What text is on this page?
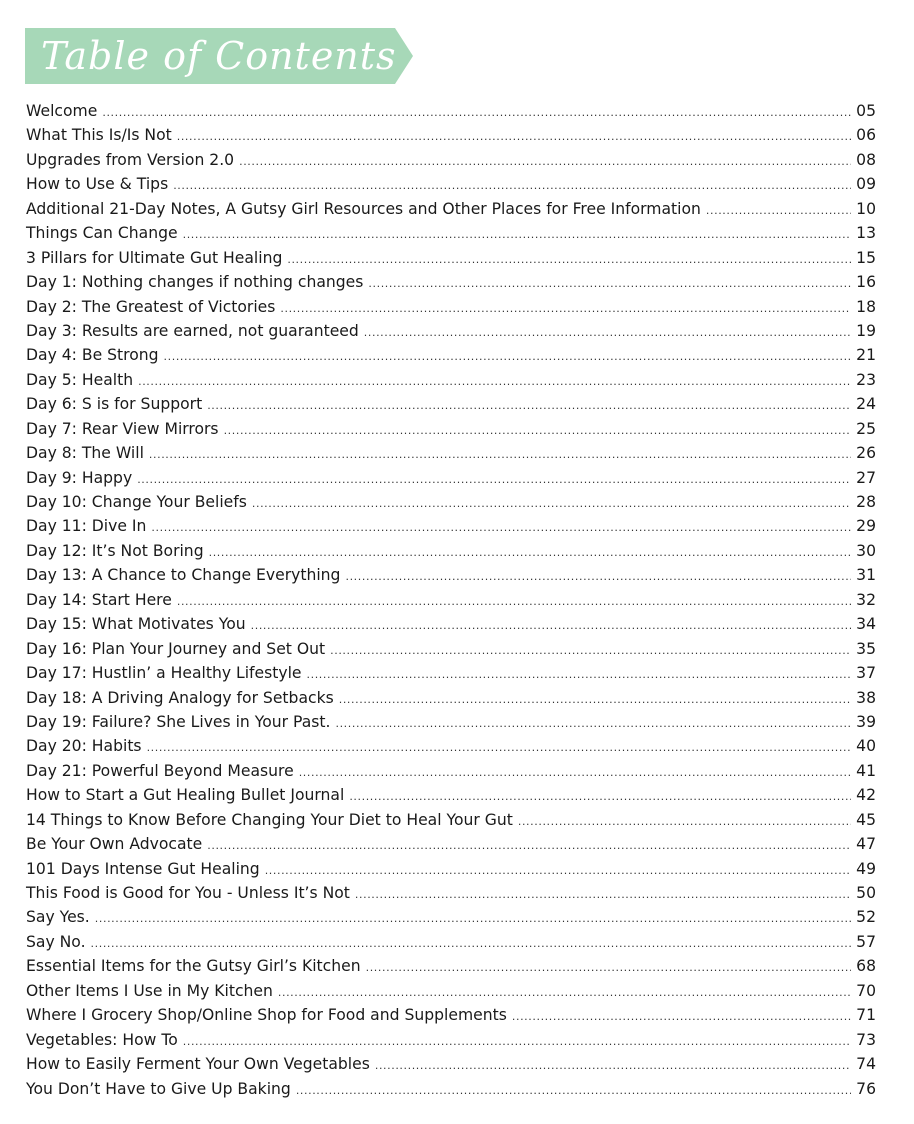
Table of Contents
Welcome .....	05
What This Is/Is Not .....	06
Upgrades from Version 2.0 .....	08
How to Use & Tips .....	09
Additional 21-Day Notes, A Gutsy Girl Resources and Other Places for Free Information .....	10
Things Can Change .....	13
3 Pillars for Ultimate Gut Healing .....	15
Day 1: Nothing changes if nothing changes .....	16
Day 2: The Greatest of Victories .....	18
Day 3: Results are earned, not guaranteed .....	19
Day 4: Be Strong .....	21
Day 5: Health .....	23
Day 6: S is for Support .....	24
Day 7: Rear View Mirrors .....	25
Day 8: The Will .....	26
Day 9: Happy .....	27
Day 10: Change Your Beliefs .....	28
Day 11: Dive In .....	29
Day 12: It’s Not Boring .....	30
Day 13: A Chance to Change Everything .....	31
Day 14: Start Here .....	32
Day 15: What Motivates You .....	34
Day 16: Plan Your Journey and Set Out .....	35
Day 17: Hustlin’ a Healthy Lifestyle .....	37
Day 18: A Driving Analogy for Setbacks .....	38
Day 19: Failure? She Lives in Your Past. .....	39
Day 20: Habits .....	40
Day 21: Powerful Beyond Measure .....	41
How to Start a Gut Healing Bullet Journal .....	42
14 Things to Know Before Changing Your Diet to Heal Your Gut .....	45
Be Your Own Advocate .....	47
101 Days Intense Gut Healing .....	49
This Food is Good for You - Unless It’s Not .....	50
Say Yes. .....	52
Say No. .....	57
Essential Items for the Gutsy Girl’s Kitchen .....	68
Other Items I Use in My Kitchen .....	70
Where I Grocery Shop/Online Shop for Food and Supplements .....	71
Vegetables: How To .....	73
How to Easily Ferment Your Own Vegetables .....	74
You Don’t Have to Give Up Baking .....	76
